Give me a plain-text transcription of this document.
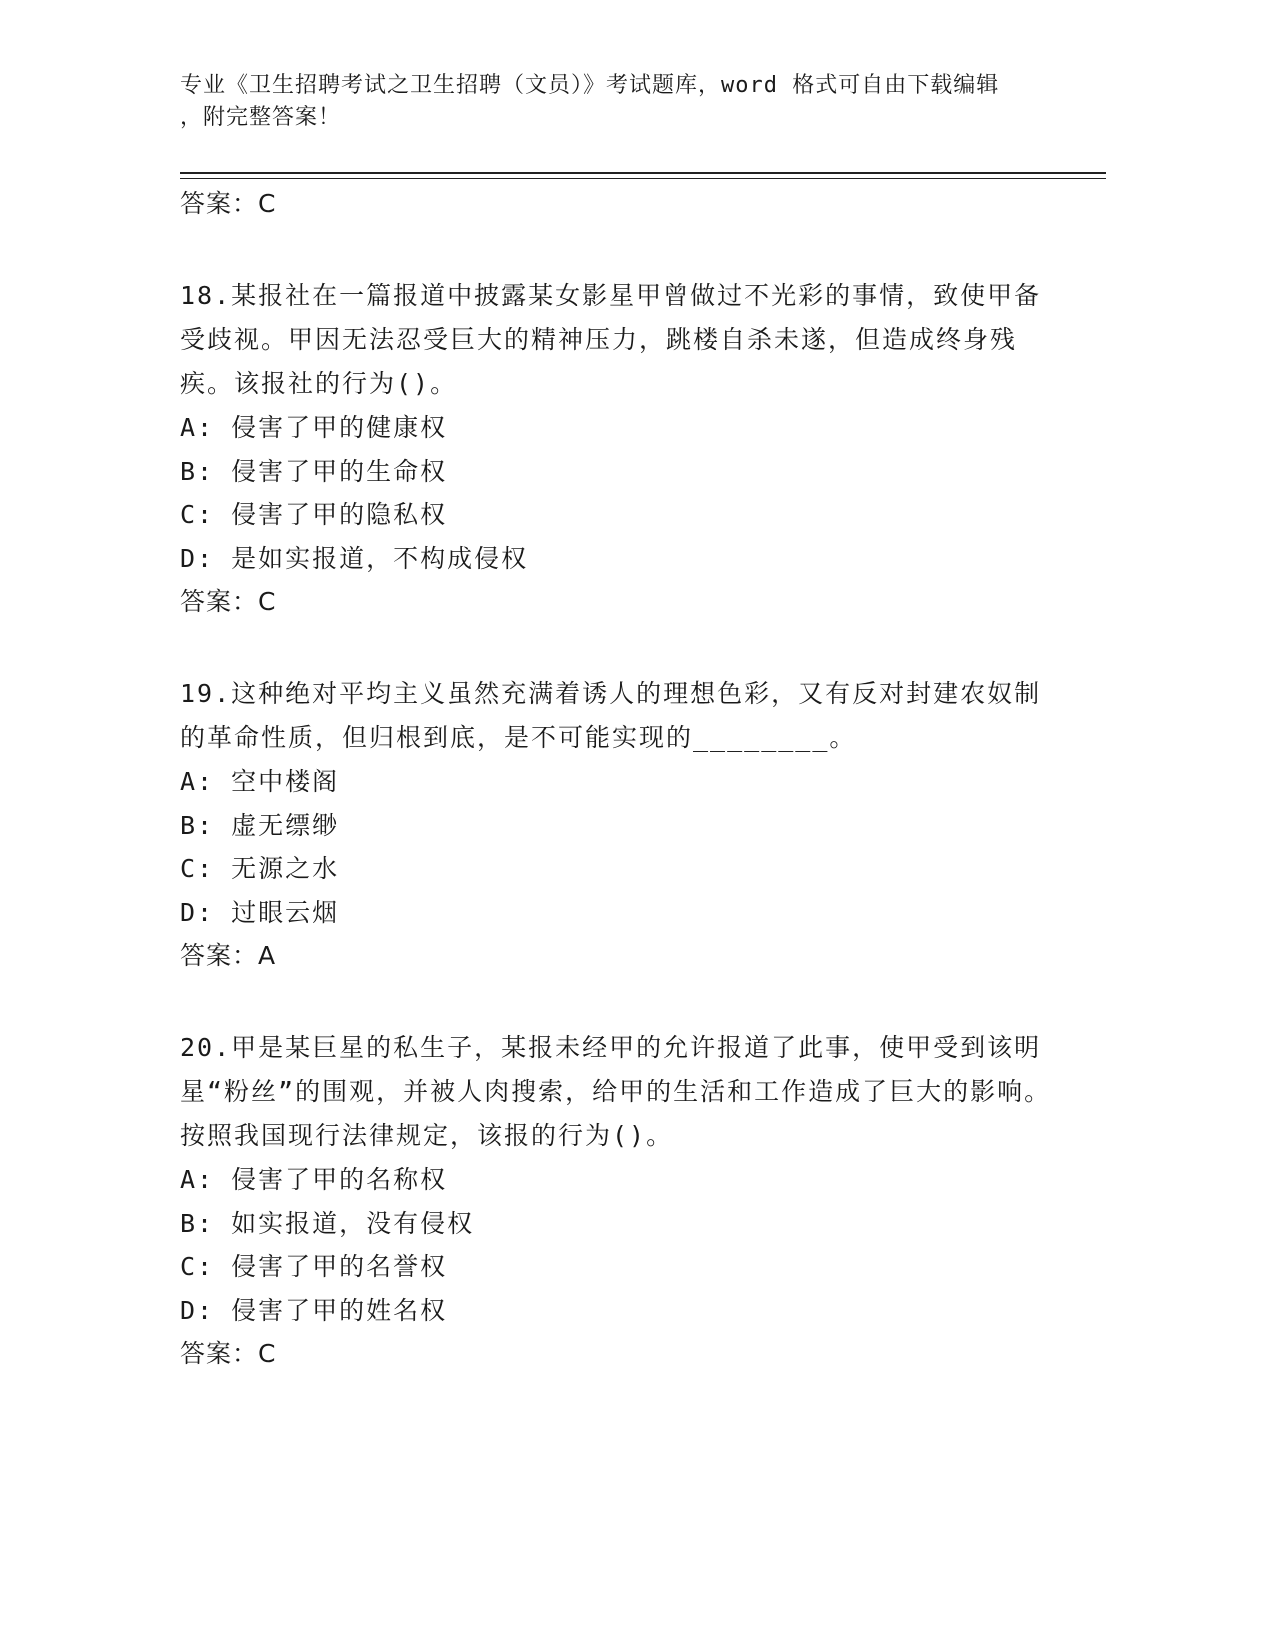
专业《卫生招聘考试之卫生招聘（文员）》考试题库，word 格式可自由下载编辑
，附完整答案！

答案：C

18.某报社在一篇报道中披露某女影星甲曾做过不光彩的事情，致使甲备受歧视。甲因无法忍受巨大的精神压力，跳楼自杀未遂，但造成终身残疾。该报社的行为()。

A: 侵害了甲的健康权

B: 侵害了甲的生命权

C: 侵害了甲的隐私权

D: 是如实报道，不构成侵权

答案：C

19.这种绝对平均主义虽然充满着诱人的理想色彩，又有反对封建农奴制的革命性质，但归根到底，是不可能实现的________。

A: 空中楼阁

B: 虚无缥缈

C: 无源之水

D: 过眼云烟

答案：A

20.甲是某巨星的私生子，某报未经甲的允许报道了此事，使甲受到该明星“粉丝”的围观，并被人肉搜索，给甲的生活和工作造成了巨大的影响。按照我国现行法律规定，该报的行为()。

A: 侵害了甲的名称权

B: 如实报道，没有侵权

C: 侵害了甲的名誉权

D: 侵害了甲的姓名权

答案：C
